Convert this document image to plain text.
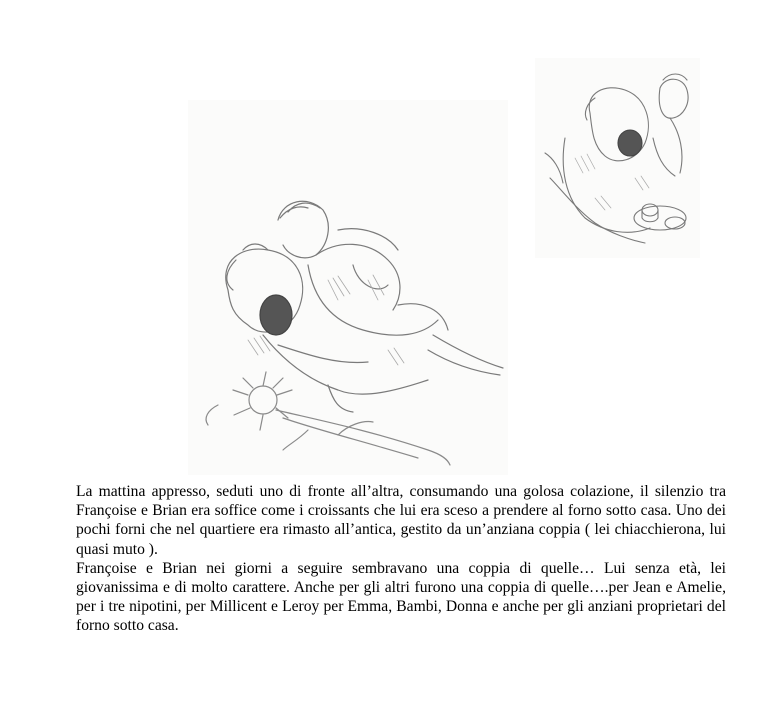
La mattina appresso, seduti uno di fronte all’altra, consumando una golosa colazione, il silenzio tra Françoise e Brian era soffice come i croissants che lui era sceso a prendere al forno sotto casa. Uno dei pochi forni che nel quartiere era rimasto all’antica, gestito da un’anziana coppia ( lei chiacchierona, lui quasi muto ).

Françoise e Brian nei giorni a seguire sembravano una coppia di quelle… Lui senza età, lei giovanissima e di molto carattere. Anche per gli altri furono una coppia di quelle….per Jean e Amelie, per i tre nipotini, per Millicent e Leroy per Emma, Bambi, Donna e anche per gli anziani proprietari del forno sotto casa.
